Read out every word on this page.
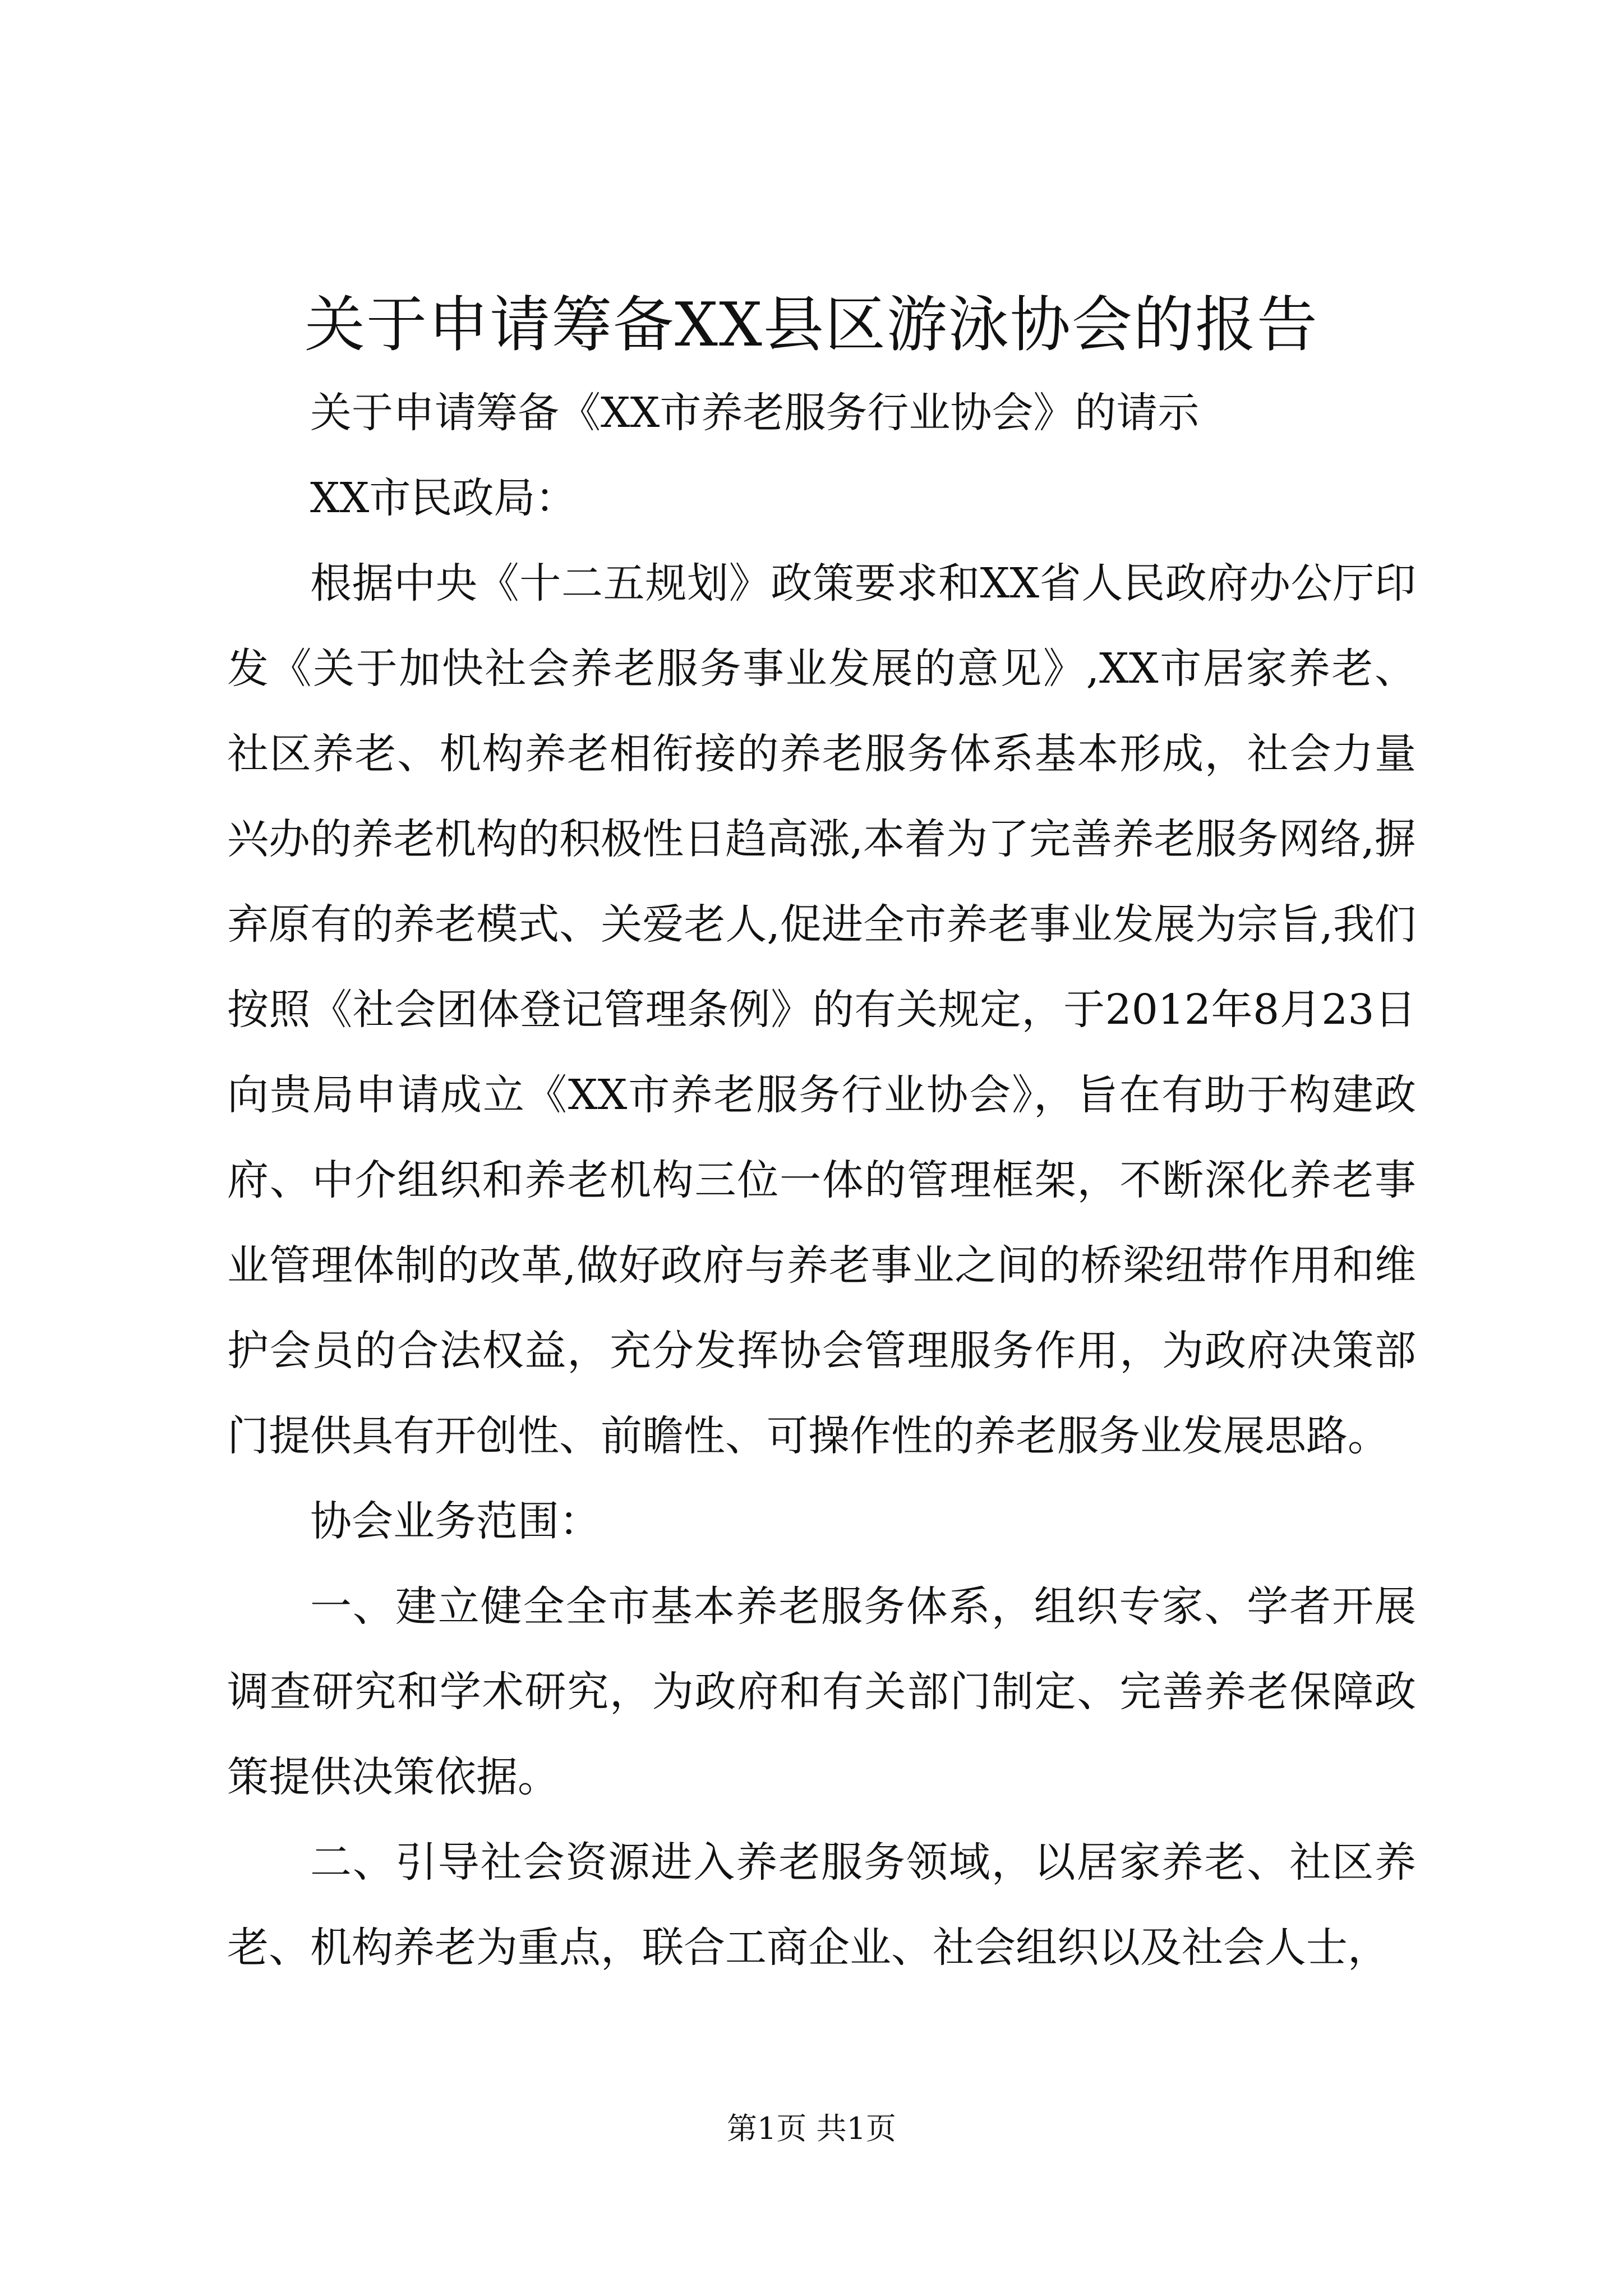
关于申请筹备XX县区游泳协会的报告

关于申请筹备《XX市养老服务行业协会》的请示

XX市民政局：

根据中央《十二五规划》政策要求和XX省人民政府办公厅印发《关于加快社会养老服务事业发展的意见》,XX市居家养老、社区养老、机构养老相衔接的养老服务体系基本形成，社会力量兴办的养老机构的积极性日趋高涨,本着为了完善养老服务网络,摒弃原有的养老模式、关爱老人,促进全市养老事业发展为宗旨,我们按照《社会团体登记管理条例》的有关规定，于2012年8月23日向贵局申请成立《XX市养老服务行业协会》，旨在有助于构建政府、中介组织和养老机构三位一体的管理框架，不断深化养老事业管理体制的改革,做好政府与养老事业之间的桥梁纽带作用和维护会员的合法权益，充分发挥协会管理服务作用，为政府决策部门提供具有开创性、前瞻性、可操作性的养老服务业发展思路。

协会业务范围：

一、建立健全全市基本养老服务体系，组织专家、学者开展调查研究和学术研究，为政府和有关部门制定、完善养老保障政策提供决策依据。

二、引导社会资源进入养老服务领域，以居家养老、社区养老、机构养老为重点，联合工商企业、社会组织以及社会人士，

第1页 共1页
